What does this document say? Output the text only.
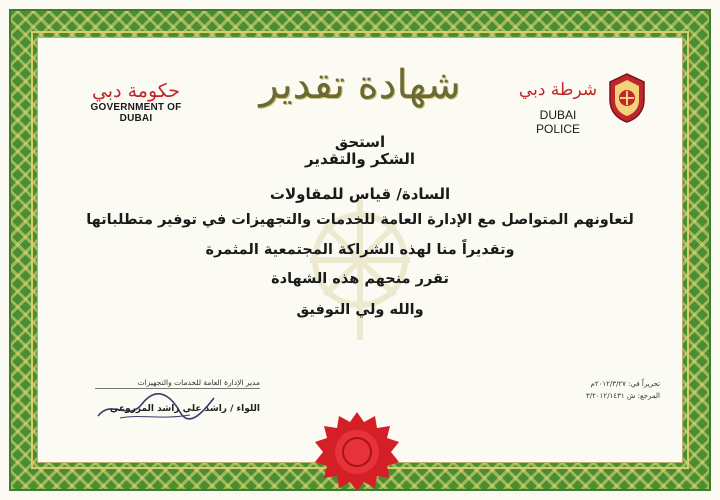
شهادة تقدير
حكومة دبي
GOVERNMENT OF DUBAI
شرطة دبي
DUBAI POLICE
استحق
الشكر والتقدير
السادة/ قياس للمقاولات
لتعاونهم المتواصل مع الإدارة العامة للخدمات والتجهيزات في توفير متطلباتها
وتقديراً منا لهذه الشراكة المجتمعية المثمرة
تقرر منحهم هذه الشهادة
والله ولي التوفيق
مدير الإدارة العامة للخدمات والتجهيزات
اللواء / راشد علي راشد المزروعي
تحريراً في: ٢٠١٢/٣/٢٧م
المرجع: ش ٣/٢٠١٢/١٤٣١
